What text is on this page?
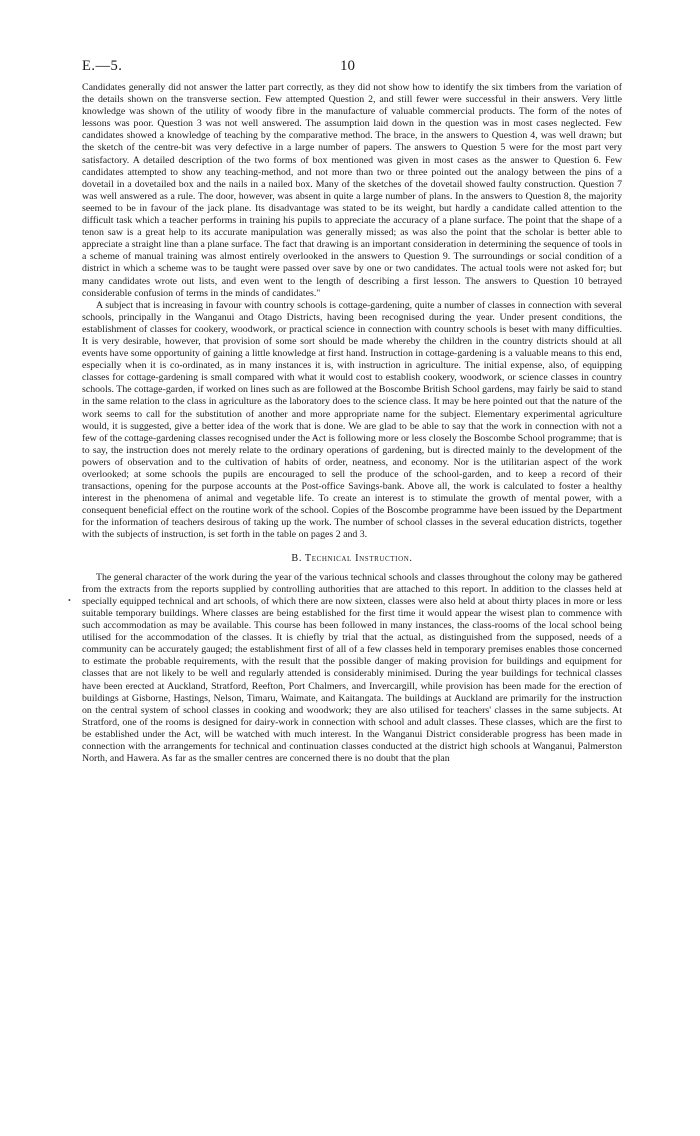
E.—5.	10
•

Candidates generally did not answer the latter part correctly, as they did not show how to identify the six timbers from the variation of the details shown on the transverse section. Few attempted Question 2, and still fewer were successful in their answers. Very little knowledge was shown of the utility of woody fibre in the manufacture of valuable commercial products. The form of the notes of lessons was poor. Question 3 was not well answered. The assumption laid down in the question was in most cases neglected. Few candidates showed a knowledge of teaching by the comparative method. The brace, in the answers to Question 4, was well drawn; but the sketch of the centre-bit was very defective in a large number of papers. The answers to Question 5 were for the most part very satisfactory. A detailed description of the two forms of box mentioned was given in most cases as the answer to Question 6. Few candidates attempted to show any teaching-method, and not more than two or three pointed out the analogy between the pins of a dovetail in a dovetailed box and the nails in a nailed box. Many of the sketches of the dovetail showed faulty construction. Question 7 was well answered as a rule. The door, however, was absent in quite a large number of plans. In the answers to Question 8, the majority seemed to be in favour of the jack plane. Its disadvantage was stated to be its weight, but hardly a candidate called attention to the difficult task which a teacher performs in training his pupils to appreciate the accuracy of a plane surface. The point that the shape of a tenon saw is a great help to its accurate manipulation was generally missed; as was also the point that the scholar is better able to appreciate a straight line than a plane surface. The fact that drawing is an important consideration in determining the sequence of tools in a scheme of manual training was almost entirely overlooked in the answers to Question 9. The surroundings or social condition of a district in which a scheme was to be taught were passed over save by one or two candidates. The actual tools were not asked for; but many candidates wrote out lists, and even went to the length of describing a first lesson. The answers to Question 10 betrayed considerable confusion of terms in the minds of candidates."

A subject that is increasing in favour with country schools is cottage-gardening, quite a number of classes in connection with several schools, principally in the Wanganui and Otago Districts, having been recognised during the year. Under present conditions, the establishment of classes for cookery, woodwork, or practical science in connection with country schools is beset with many difficulties. It is very desirable, however, that provision of some sort should be made whereby the children in the country districts should at all events have some opportunity of gaining a little knowledge at first hand. Instruction in cottage-gardening is a valuable means to this end, especially when it is co-ordinated, as in many instances it is, with instruction in agriculture. The initial expense, also, of equipping classes for cottage-gardening is small compared with what it would cost to establish cookery, woodwork, or science classes in country schools. The cottage-garden, if worked on lines such as are followed at the Boscombe British School gardens, may fairly be said to stand in the same relation to the class in agriculture as the laboratory does to the science class. It may be here pointed out that the nature of the work seems to call for the substitution of another and more appropriate name for the subject. Elementary experimental agriculture would, it is suggested, give a better idea of the work that is done. We are glad to be able to say that the work in connection with not a few of the cottage-gardening classes recognised under the Act is following more or less closely the Boscombe School programme; that is to say, the instruction does not merely relate to the ordinary operations of gardening, but is directed mainly to the development of the powers of observation and to the cultivation of habits of order, neatness, and economy. Nor is the utilitarian aspect of the work overlooked; at some schools the pupils are encouraged to sell the produce of the school-garden, and to keep a record of their transactions, opening for the purpose accounts at the Post-office Savings-bank. Above all, the work is calculated to foster a healthy interest in the phenomena of animal and vegetable life. To create an interest is to stimulate the growth of mental power, with a consequent beneficial effect on the routine work of the school. Copies of the Boscombe programme have been issued by the Department for the information of teachers desirous of taking up the work. The number of school classes in the several education districts, together with the subjects of instruction, is set forth in the table on pages 2 and 3.

B. Technical Instruction.

The general character of the work during the year of the various technical schools and classes throughout the colony may be gathered from the extracts from the reports supplied by controlling authorities that are attached to this report. In addition to the classes held at specially equipped technical and art schools, of which there are now sixteen, classes were also held at about thirty places in more or less suitable temporary buildings. Where classes are being established for the first time it would appear the wisest plan to commence with such accommodation as may be available. This course has been followed in many instances, the class-rooms of the local school being utilised for the accommodation of the classes. It is chiefly by trial that the actual, as distinguished from the supposed, needs of a community can be accurately gauged; the establishment first of all of a few classes held in temporary premises enables those concerned to estimate the probable requirements, with the result that the possible danger of making provision for buildings and equipment for classes that are not likely to be well and regularly attended is considerably minimised. During the year buildings for technical classes have been erected at Auckland, Stratford, Reefton, Port Chalmers, and Invercargill, while provision has been made for the erection of buildings at Gisborne, Hastings, Nelson, Timaru, Waimate, and Kaitangata. The buildings at Auckland are primarily for the instruction on the central system of school classes in cooking and woodwork; they are also utilised for teachers' classes in the same subjects. At Stratford, one of the rooms is designed for dairy-work in connection with school and adult classes. These classes, which are the first to be established under the Act, will be watched with much interest. In the Wanganui District considerable progress has been made in connection with the arrangements for technical and continuation classes conducted at the district high schools at Wanganui, Palmerston North, and Hawera. As far as the smaller centres are concerned there is no doubt that the plan
